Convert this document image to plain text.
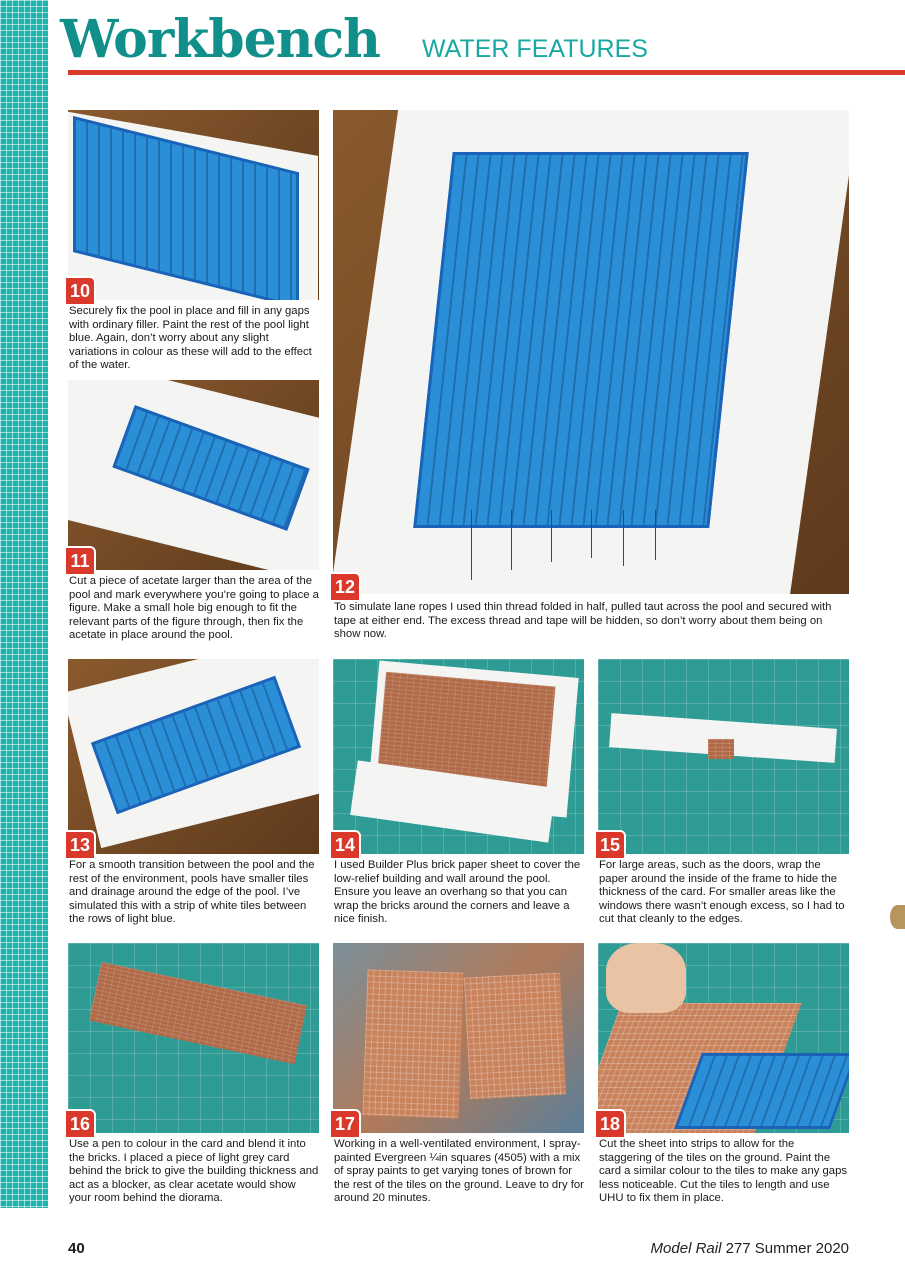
Workbench WATER FEATURES
10

Securely fix the pool in place and fill in any gaps with ordinary filler. Paint the rest of the pool light blue. Again, don’t worry about any slight variations in colour as these will add to the effect of the water.

11

Cut a piece of acetate larger than the area of the pool and mark everywhere you’re going to place a figure. Make a small hole big enough to fit the relevant parts of the figure through, then fix the acetate in place around the pool.

12

To simulate lane ropes I used thin thread folded in half, pulled taut across the pool and secured with tape at either end. The excess thread and tape will be hidden, so don’t worry about them being on show now.

13

For a smooth transition between the pool and the rest of the environment, pools have smaller tiles and drainage around the edge of the pool. I’ve simulated this with a strip of white tiles between the rows of light blue.

14

I used Builder Plus brick paper sheet to cover the low-relief building and wall around the pool. Ensure you leave an overhang so that you can wrap the bricks around the corners and leave a nice finish.

15

For large areas, such as the doors, wrap the paper around the inside of the frame to hide the thickness of the card. For smaller areas like the windows there wasn’t enough excess, so I had to cut that cleanly to the edges.

16

Use a pen to colour in the card and blend it into the bricks. I placed a piece of light grey card behind the brick to give the building thickness and act as a blocker, as clear acetate would show your room behind the diorama.

17

Working in a well-ventilated environment, I spray-painted Evergreen ¼in squares (4505) with a mix of spray paints to get varying tones of brown for the rest of the tiles on the ground. Leave to dry for around 20 minutes.

18

Cut the sheet into strips to allow for the staggering of the tiles on the ground. Paint the card a similar colour to the tiles to make any gaps less noticeable. Cut the tiles to length and use UHU to fix them in place.

40	Model Rail 277 Summer 2020
